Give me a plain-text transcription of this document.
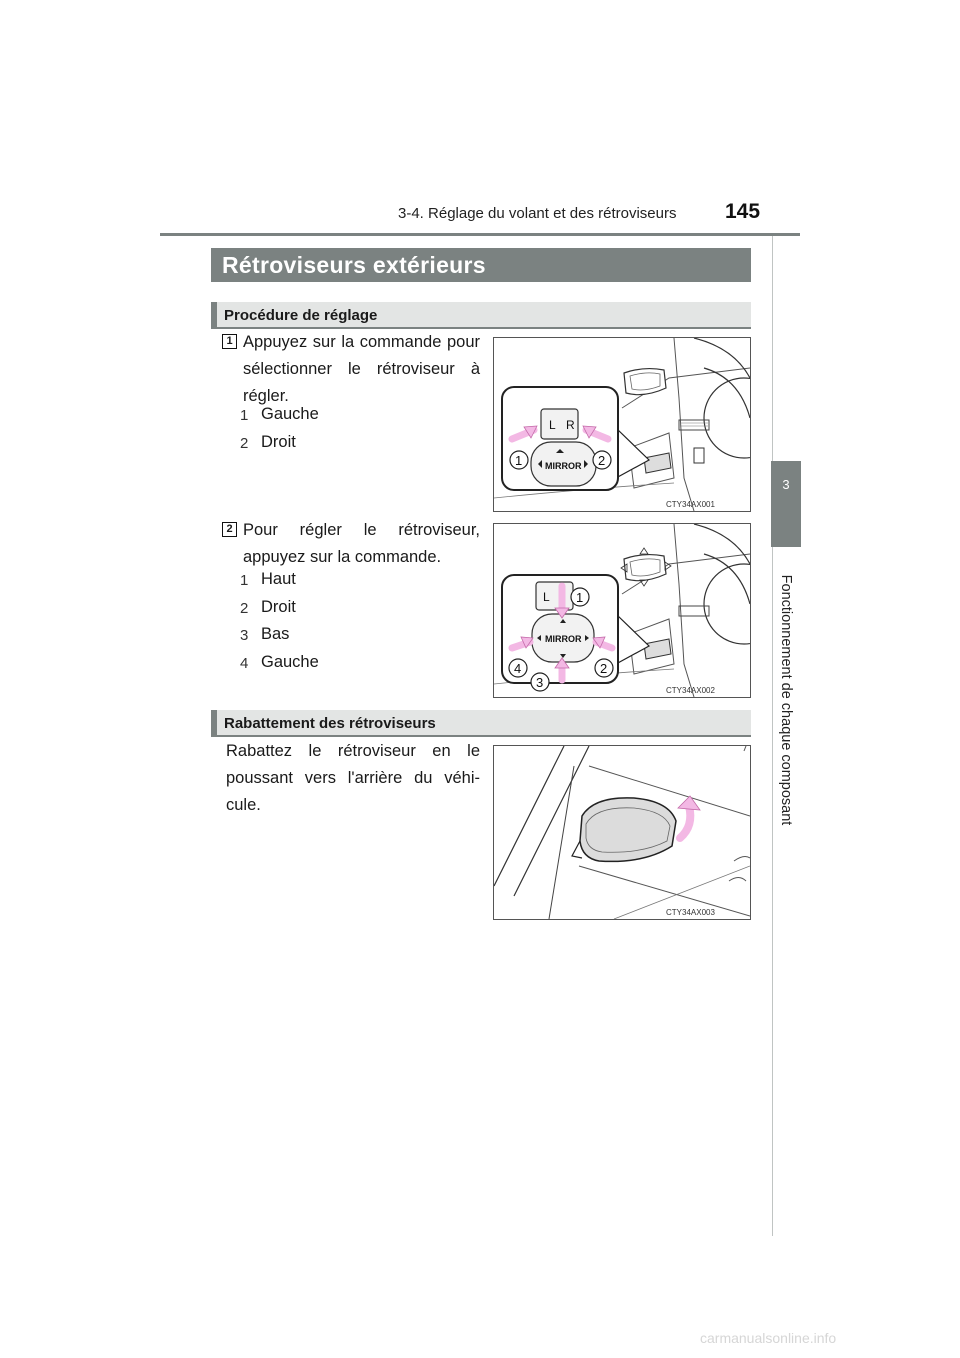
3-4. Réglage du volant et des rétroviseurs 145
3
Fonctionnement de chaque composant
Rétroviseurs extérieurs
Procédure de réglage
1 Appuyez sur la commande pour sélectionner le rétroviseur à régler.
1 Gauche
2 Droit
L R
MIRROR
1	2
CTY34AX001
2 Pour régler le rétroviseur, appuyez sur la commande.
1 Haut
2 Droit
3 Bas
4 Gauche
L
MIRROR
1
2
3
4
CTY34AX002
Rabattement des rétroviseurs
Rabattez le rétroviseur en le poussant vers l'arrière du véhi-cule.
CTY34AX003
carmanualsonline.info
